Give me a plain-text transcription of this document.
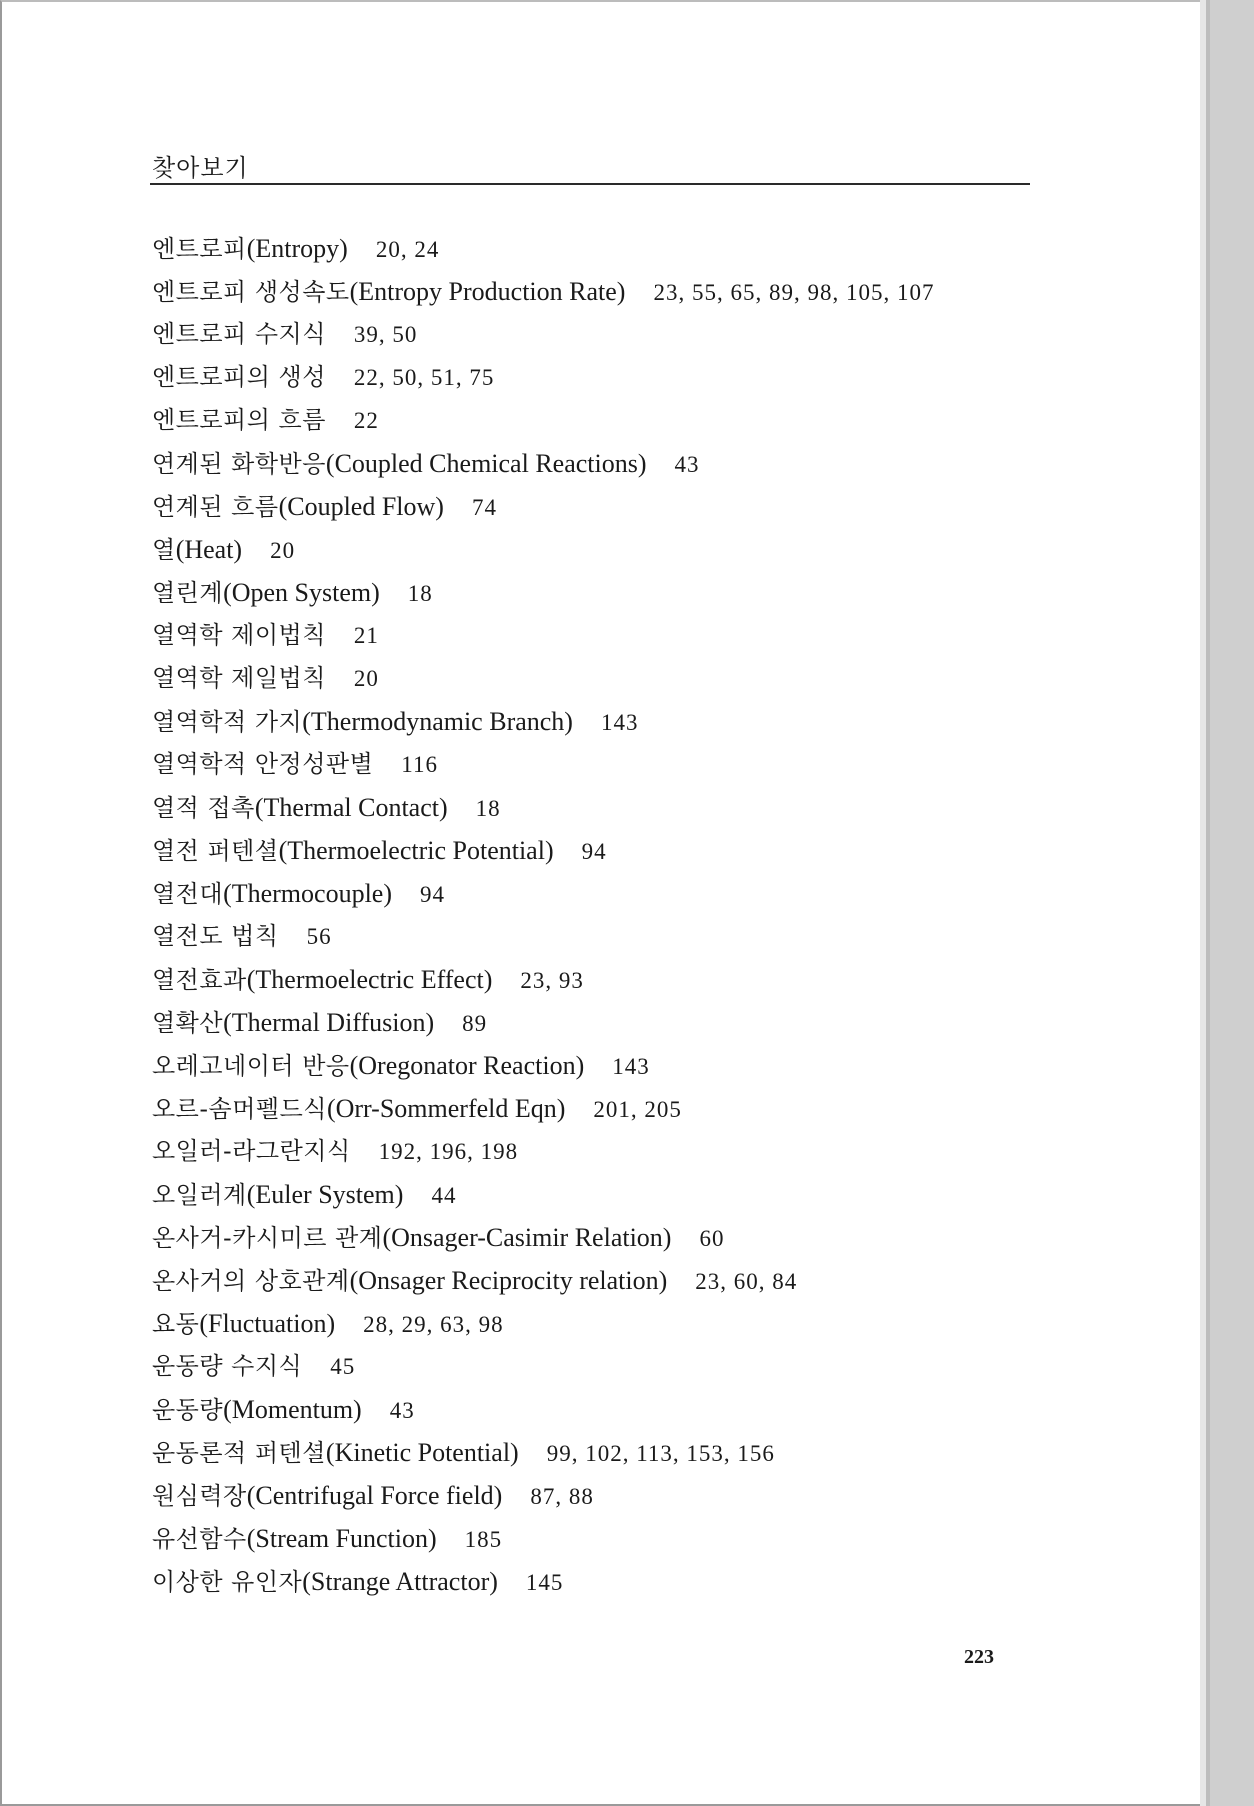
찾아보기
엔트로피(Entropy) 20, 24
엔트로피 생성속도(Entropy Production Rate) 23, 55, 65, 89, 98, 105, 107
엔트로피 수지식 39, 50
엔트로피의 생성 22, 50, 51, 75
엔트로피의 흐름 22
연계된 화학반응(Coupled Chemical Reactions) 43
연계된 흐름(Coupled Flow) 74
열(Heat) 20
열린계(Open System) 18
열역학 제이법칙 21
열역학 제일법칙 20
열역학적 가지(Thermodynamic Branch) 143
열역학적 안정성판별 116
열적 접촉(Thermal Contact) 18
열전 퍼텐셜(Thermoelectric Potential) 94
열전대(Thermocouple) 94
열전도 법칙 56
열전효과(Thermoelectric Effect) 23, 93
열확산(Thermal Diffusion) 89
오레고네이터 반응(Oregonator Reaction) 143
오르-솜머펠드식(Orr-Sommerfeld Eqn) 201, 205
오일러-라그란지식 192, 196, 198
오일러계(Euler System) 44
온사거-카시미르 관계(Onsager-Casimir Relation) 60
온사거의 상호관계(Onsager Reciprocity relation) 23, 60, 84
요동(Fluctuation) 28, 29, 63, 98
운동량 수지식 45
운동량(Momentum) 43
운동론적 퍼텐셜(Kinetic Potential) 99, 102, 113, 153, 156
원심력장(Centrifugal Force field) 87, 88
유선함수(Stream Function) 185
이상한 유인자(Strange Attractor) 145
223
